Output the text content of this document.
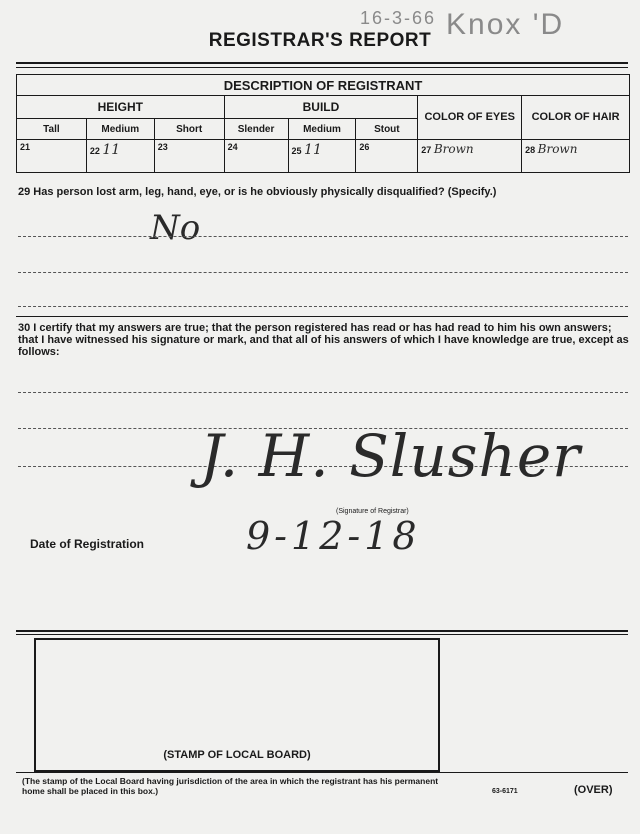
$^{16-3-66}$ Knox 'D
REGISTRAR'S REPORT
DESCRIPTION OF REGISTRANT							
HEIGHT			BUILD			COLOR OF EYES	COLOR OF HAIR
Tall	Medium	Short	Slender	Medium	Stout		
21	22 11	23	24	25 11	26	27 Brown	28 Brown
29 Has person lost arm, leg, hand, eye, or is he obviously physically disqualified? (Specify.)
No
30 I certify that my answers are true; that the person registered has read or has had read to him his own answers; that I have witnessed his signature or mark, and that all of his answers of which I have knowledge are true, except as follows:
J. H. Slusher
(Signature of Registrar)
Date of Registration	9-12-18
(STAMP OF LOCAL BOARD)
(The stamp of the Local Board having jurisdiction of the area in which the registrant has his permanent home shall be placed in this box.)	63-6171	(OVER)
